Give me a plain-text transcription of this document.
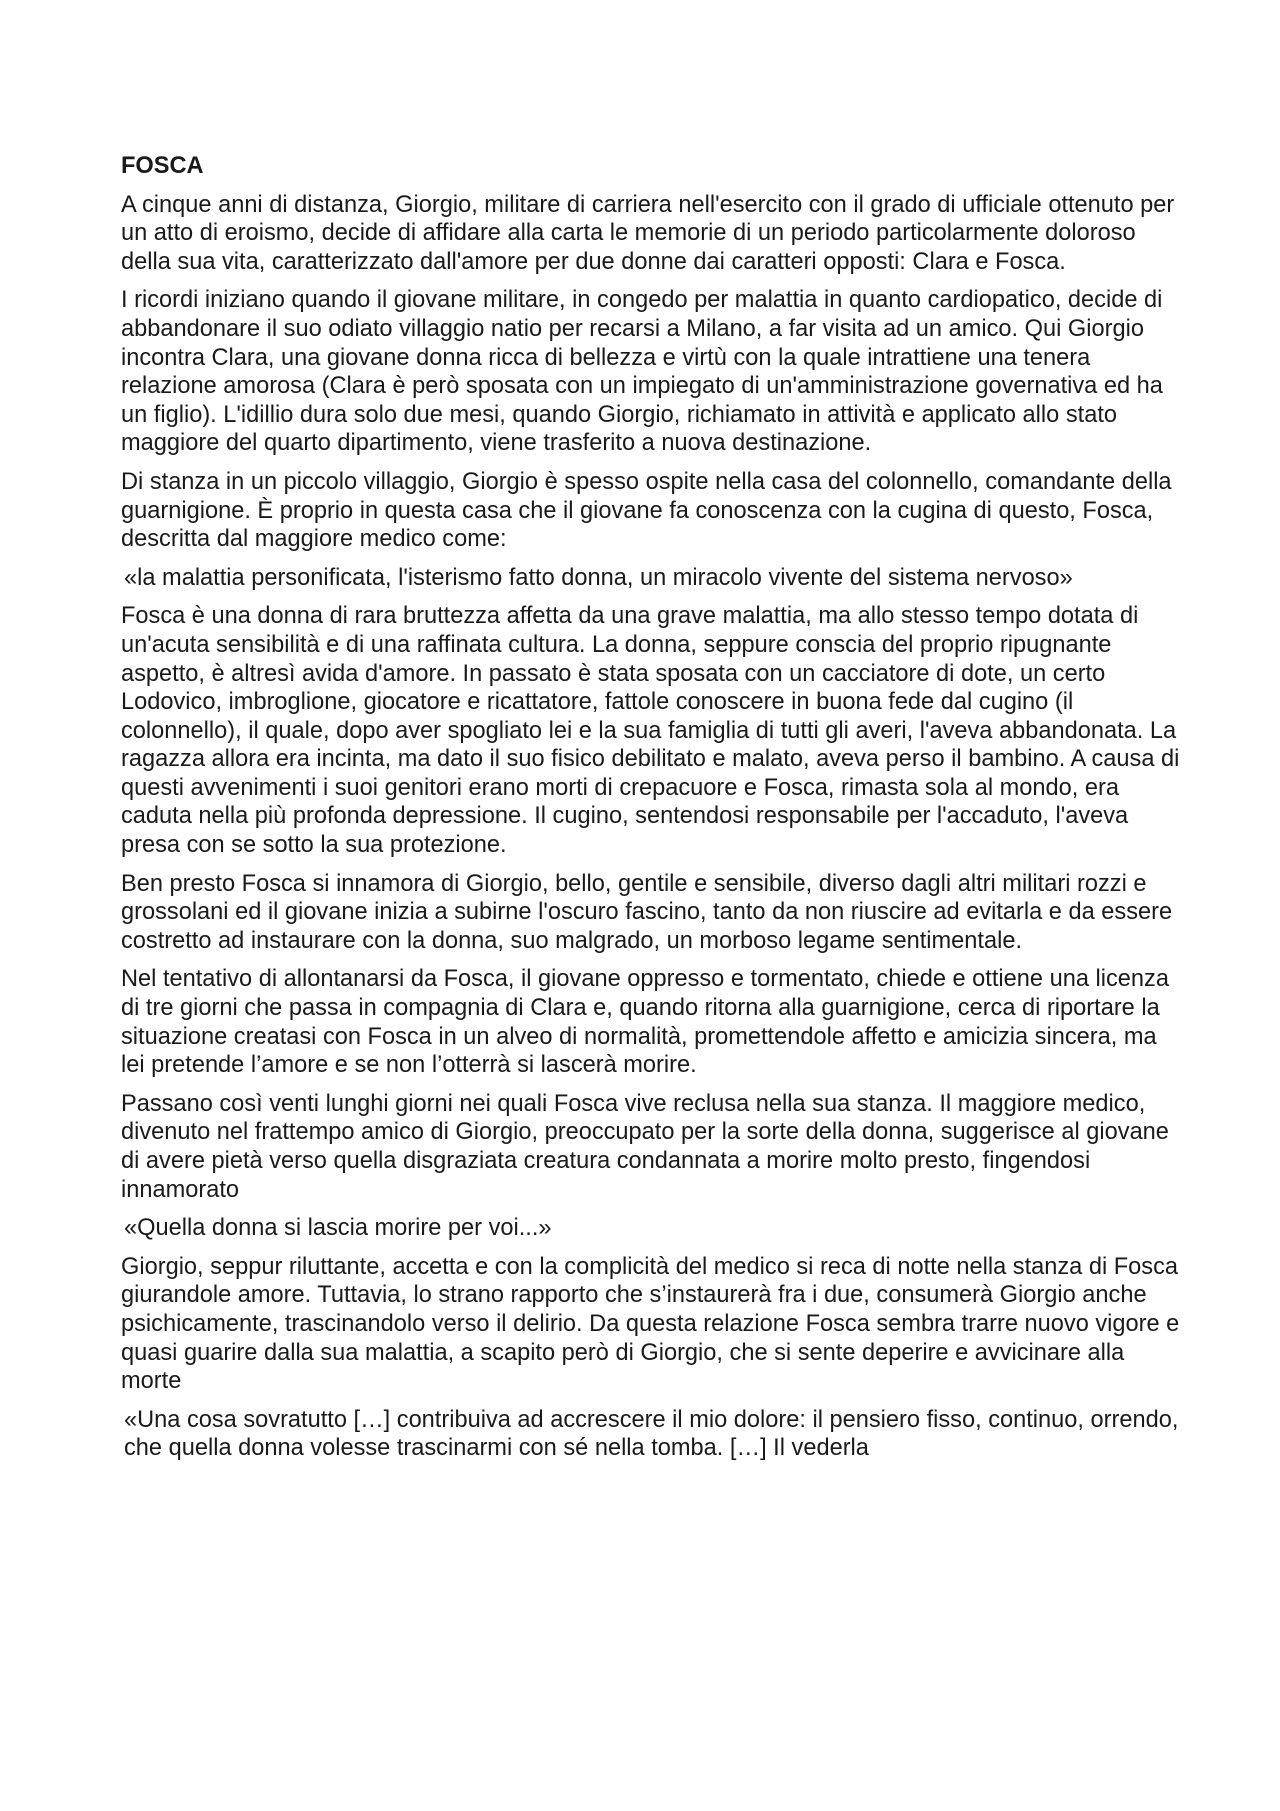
FOSCA

A cinque anni di distanza, Giorgio, militare di carriera nell'esercito con il grado di ufficiale ottenuto per un atto di eroismo, decide di affidare alla carta le memorie di un periodo particolarmente doloroso della sua vita, caratterizzato dall'amore per due donne dai caratteri opposti: Clara e Fosca.

I ricordi iniziano quando il giovane militare, in congedo per malattia in quanto cardiopatico, decide di abbandonare il suo odiato villaggio natio per recarsi a Milano, a far visita ad un amico. Qui Giorgio incontra Clara, una giovane donna ricca di bellezza e virtù con la quale intrattiene una tenera relazione amorosa (Clara è però sposata con un impiegato di un'amministrazione governativa ed ha un figlio). L'idillio dura solo due mesi, quando Giorgio, richiamato in attività e applicato allo stato maggiore del quarto dipartimento, viene trasferito a nuova destinazione.

Di stanza in un piccolo villaggio, Giorgio è spesso ospite nella casa del colonnello, comandante della guarnigione. È proprio in questa casa che il giovane fa conoscenza con la cugina di questo, Fosca, descritta dal maggiore medico come:

«la malattia personificata, l'isterismo fatto donna, un miracolo vivente del sistema nervoso»

Fosca è una donna di rara bruttezza affetta da una grave malattia, ma allo stesso tempo dotata di un'acuta sensibilità e di una raffinata cultura. La donna, seppure conscia del proprio ripugnante aspetto, è altresì avida d'amore. In passato è stata sposata con un cacciatore di dote, un certo Lodovico, imbroglione, giocatore e ricattatore, fattole conoscere in buona fede dal cugino (il colonnello), il quale, dopo aver spogliato lei e la sua famiglia di tutti gli averi, l'aveva abbandonata. La ragazza allora era incinta, ma dato il suo fisico debilitato e malato, aveva perso il bambino. A causa di questi avvenimenti i suoi genitori erano morti di crepacuore e Fosca, rimasta sola al mondo, era caduta nella più profonda depressione. Il cugino, sentendosi responsabile per l'accaduto, l'aveva presa con se sotto la sua protezione.

Ben presto Fosca si innamora di Giorgio, bello, gentile e sensibile, diverso dagli altri militari rozzi e grossolani ed il giovane inizia a subirne l'oscuro fascino, tanto da non riuscire ad evitarla e da essere costretto ad instaurare con la donna, suo malgrado, un morboso legame sentimentale.

Nel tentativo di allontanarsi da Fosca, il giovane oppresso e tormentato, chiede e ottiene una licenza di tre giorni che passa in compagnia di Clara e, quando ritorna alla guarnigione, cerca di riportare la situazione creatasi con Fosca in un alveo di normalità, promettendole affetto e amicizia sincera, ma lei pretende l’amore e se non l’otterrà si lascerà morire.

Passano così venti lunghi giorni nei quali Fosca vive reclusa nella sua stanza. Il maggiore medico, divenuto nel frattempo amico di Giorgio, preoccupato per la sorte della donna, suggerisce al giovane di avere pietà verso quella disgraziata creatura condannata a morire molto presto, fingendosi innamorato

«Quella donna si lascia morire per voi...»

Giorgio, seppur riluttante, accetta e con la complicità del medico si reca di notte nella stanza di Fosca giurandole amore. Tuttavia, lo strano rapporto che s’instaurerà fra i due, consumerà Giorgio anche psichicamente, trascinandolo verso il delirio. Da questa relazione Fosca sembra trarre nuovo vigore e quasi guarire dalla sua malattia, a scapito però di Giorgio, che si sente deperire e avvicinare alla morte

«Una cosa sovratutto […] contribuiva ad accrescere il mio dolore: il pensiero fisso, continuo, orrendo, che quella donna volesse trascinarmi con sé nella tomba. […] Il vederla
